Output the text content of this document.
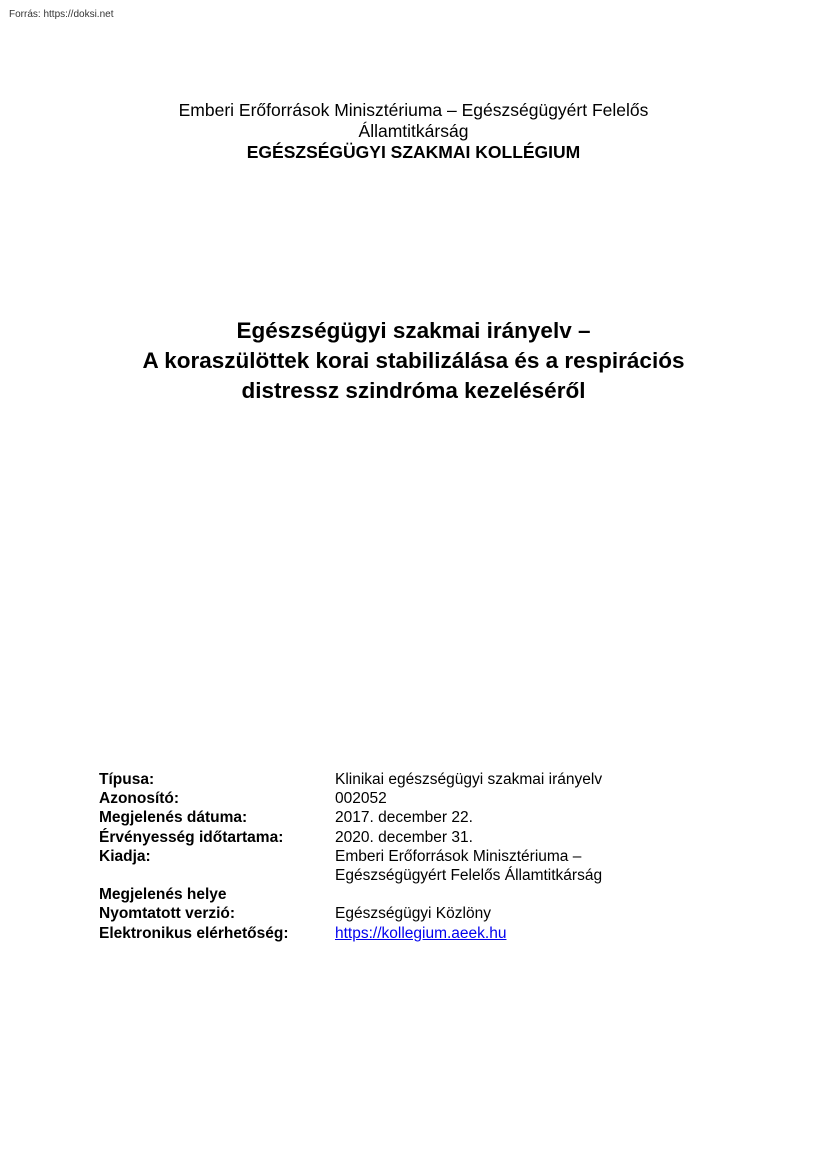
Forrás: https://doksi.net
Emberi Erőforrások Minisztériuma – Egészségügyért Felelős
Államtitkárság
EGÉSZSÉGÜGYI SZAKMAI KOLLÉGIUM
Egészségügyi szakmai irányelv –
A koraszülöttek korai stabilizálása és a respirációs
distressz szindróma kezeléséről
Típusa:	Klinikai egészségügyi szakmai irányelv
Azonosító:	002052
Megjelenés dátuma:	2017. december 22.
Érvényesség időtartama:	2020. december 31.
Kiadja:	Emberi Erőforrások Minisztériuma –
Egészségügyért Felelős Államtitkárság
Megjelenés helye
Nyomtatott verzió:	Egészségügyi Közlöny
Elektronikus elérhetőség:	https://kollegium.aeek.hu
